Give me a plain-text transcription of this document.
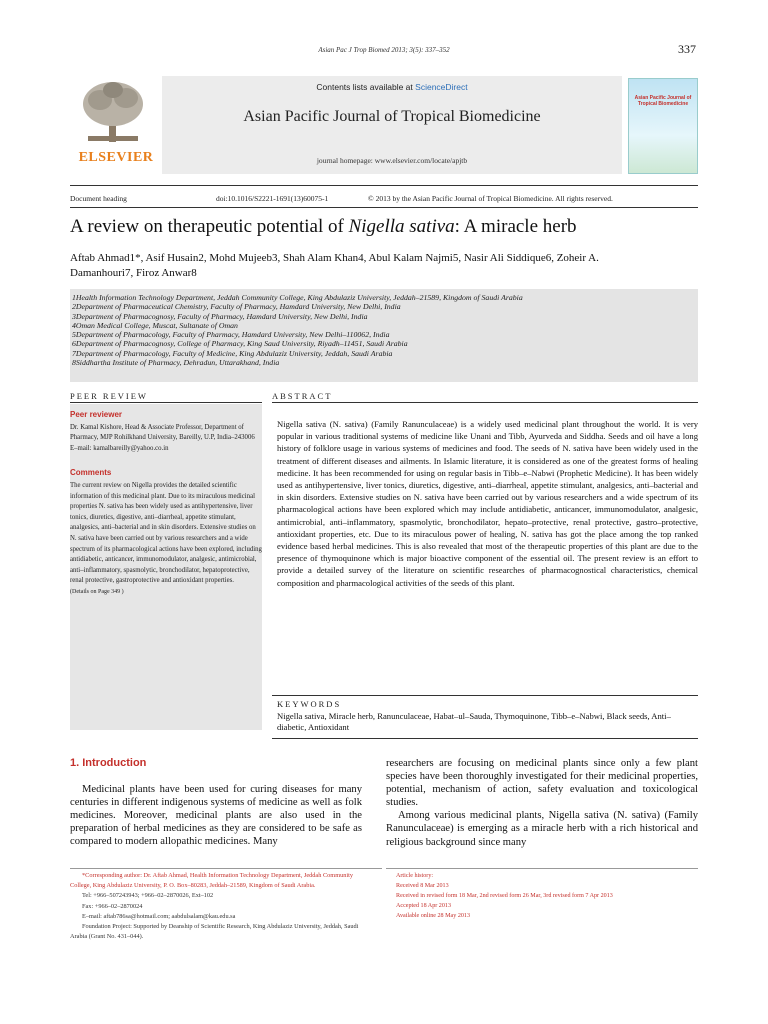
Asian Pac J Trop Biomed 2013; 3(5): 337–352	337
ELSEVIER
Contents lists available at ScienceDirect
Asian Pacific Journal of Tropical Biomedicine
journal homepage: www.elsevier.com/locate/apjtb
Asian Pacific Journal of Tropical Biomedicine
Document heading	doi:10.1016/S2221-1691(13)60075-1	© 2013 by the Asian Pacific Journal of Tropical Biomedicine. All rights reserved.
A review on therapeutic potential of Nigella sativa: A miracle herb
Aftab Ahmad1*, Asif Husain2, Mohd Mujeeb3, Shah Alam Khan4, Abul Kalam Najmi5, Nasir Ali Siddique6, Zoheir A.
Damanhouri7, Firoz Anwar8
1Health Information Technology Department, Jeddah Community College, King Abdulaziz University, Jeddah–21589, Kingdom of Saudi Arabia
2Department of Pharmaceutical Chemistry, Faculty of Pharmacy, Hamdard University, New Delhi, India
3Department of Pharmacognosy, Faculty of Pharmacy, Hamdard University, New Delhi, India
4Oman Medical College, Muscat, Sultanate of Oman
5Department of Pharmacology, Faculty of Pharmacy, Hamdard University, New Delhi–110062, India
6Department of Pharmacognosy, College of Pharmacy, King Saud University, Riyadh–11451, Saudi Arabia
7Department of Pharmacology, Faculty of Medicine, King Abdulaziz University, Jeddah, Saudi Arabia
8Siddhartha Institute of Pharmacy, Dehradun, Uttarakhand, India
PEER REVIEW	ABSTRACT
Peer reviewer

Dr. Kamal Kishore, Head & Associate Professor, Department of Pharmacy, MJP Rohilkhand University, Bareilly, U.P, India–243006

E–mail: kamalbareilly@yahoo.co.in

Comments

The current review on Nigella provides the detailed scientific information of this medicinal plant. Due to its miraculous medicinal properties N. sativa has been widely used as antihypertensive, liver tonics, diuretics, digestive, anti–diarrheal, appetite stimulant, analgesics, anti–bacterial and in skin disorders. Extensive studies on N. sativa have been carried out by various researchers and a wide spectrum of its pharmacological actions have been explored, including antidiabetic, anticancer, immunomodulator, analgesic, antimicrobial, anti–inflammatory, spasmolytic, bronchodilator, hepatoprotective, renal protective, gastroprotective and antioxidant properties.

(Details on Page 349 )

Nigella sativa (N. sativa) (Family Ranunculaceae) is a widely used medicinal plant throughout the world. It is very popular in various traditional systems of medicine like Unani and Tibb, Ayurveda and Siddha. Seeds and oil have a long history of folklore usage in various systems of medicines and food. The seeds of N. sativa have been widely used in the treatment of different diseases and ailments. In Islamic literature, it is considered as one of the greatest forms of healing medicine. It has been recommended for using on regular basis in Tibb–e–Nabwi (Prophetic Medicine). It has been widely used as antihypertensive, liver tonics, diuretics, digestive, anti–diarrheal, appetite stimulant, analgesics, anti–bacterial and in skin disorders. Extensive studies on N. sativa have been carried out by various researchers and a wide spectrum of its pharmacological actions have been explored which may include antidiabetic, anticancer, immunomodulator, analgesic, antimicrobial, anti–inflammatory, spasmolytic, bronchodilator, hepato–protective, renal protective, gastro–protective, antioxidant properties, etc. Due to its miraculous power of healing, N. sativa has got the place among the top ranked evidence based herbal medicines. This is also revealed that most of the therapeutic properties of this plant are due to the presence of thymoquinone which is major bioactive component of the essential oil. The present review is an effort to provide a detailed survey of the literature on scientific researches of pharmacognostical characteristics, chemical composition and pharmacological activities of the seeds of this plant.
KEYWORDS
Nigella sativa, Miracle herb, Ranunculaceae, Habat–ul–Sauda, Thymoquinone, Tibb–e–Nabwi, Black seeds, Anti–diabetic, Antioxidant
1. Introduction

Medicinal plants have been used for curing diseases for many centuries in different indigenous systems of medicine as well as folk medicines. Moreover, medicinal plants are also used in the preparation of herbal medicines as they are considered to be safe as compared to modern allopathic medicines. Many

researchers are focusing on medicinal plants since only a few plant species have been thoroughly investigated for their medicinal properties, potential, mechanism of action, safety evaluation and toxicological studies.

Among various medicinal plants, Nigella sativa (N. sativa) (Family Ranunculaceae) is emerging as a miracle herb with a rich historical and religious background since many

*Corresponding author: Dr. Aftab Ahmad, Health Information Technology Department, Jeddah Community College, King Abdulaziz University, P. O. Box–80283, Jeddah–21589, Kingdom of Saudi Arabia.

Tel: +966–507243943; +966–02–2870026, Ext–102

Fax: +966–02–2870024

E–mail: aftab786sa@hotmail.com; aabdulsalam@kau.edu.sa

Foundation Project: Supported by Deanship of Scientific Research, King Abdulaziz University, Jeddah, Saudi Arabia (Grant No. 431–044).

Article history:
Received 8 Mar 2013
Received in revised form 18 Mar, 2nd revised form 26 Mar, 3rd revised form 7 Apr 2013
Accepted 18 Apr 2013
Available online 28 May 2013
